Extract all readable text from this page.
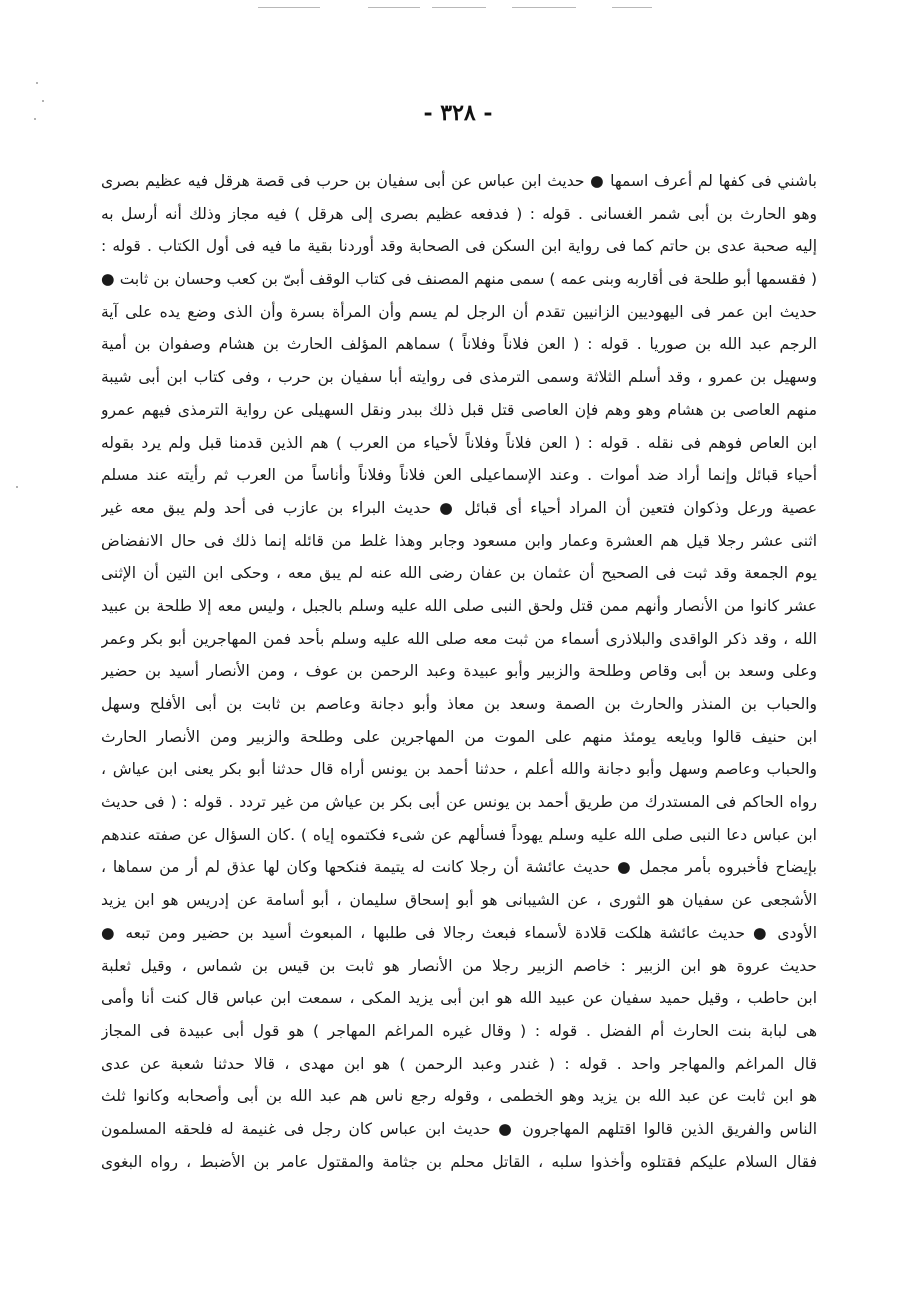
- ٣٢٨ -
باشني فى كفها لم أعرف اسمها ● حديث ابن عباس عن أبى سفيان بن حرب فى قصة هرقل فيه عظيم بصرى
وهو الحارث بن أبى شمر الغسانى . قوله : ( فدفعه عظيم بصرى إلى هرقل ) فيه مجاز وذلك أنه أرسل به
إليه صحبة عدى بن حاتم كما فى رواية ابن السكن فى الصحابة وقد أوردنا بقية ما فيه فى أول الكتاب . قوله :
( فقسمها أبو طلحة فى أقاربه وبنى عمه ) سمى منهم المصنف فى كتاب الوقف أبىّ بن كعب وحسان بن ثابت ●
حديث ابن عمر فى اليهوديين الزانيين تقدم أن الرجل لم يسم وأن المرأة بسرة وأن الذى وضع يده على آية
الرجم عبد الله بن صوريا . قوله : ( العن فلاناً وفلاناً ) سماهم المؤلف الحارث بن هشام وصفوان بن أمية
وسهيل بن عمرو ، وقد أسلم الثلاثة وسمى الترمذى فى روايته أبا سفيان بن حرب ، وفى كتاب ابن أبى شيبة
منهم العاصى بن هشام وهو وهم فإن العاصى قتل قبل ذلك ببدر ونقل السهيلى عن رواية الترمذى فيهم عمرو
ابن العاص فوهم فى نقله . قوله : ( العن فلاناً وفلاناً لأحياء من العرب ) هم الذين قدمنا قبل ولم يرد بقوله
أحياء قبائل وإنما أراد ضد أموات . وعند الإسماعيلى العن فلاناً وفلاناً وأناساً من العرب ثم رأيته عند مسلم
عصية ورعل وذكوان فتعين أن المراد أحياء أى قبائل ● حديث البراء بن عازب فى أحد ولم يبق معه غير
اثنى عشر رجلا قيل هم العشرة وعمار وابن مسعود وجابر وهذا غلط من قائله إنما ذلك فى حال الانفضاض
يوم الجمعة وقد ثبت فى الصحيح أن عثمان بن عفان رضى الله عنه لم يبق معه ، وحكى ابن التين أن الإثنى
عشر كانوا من الأنصار وأنهم ممن قتل ولحق النبى صلى الله عليه وسلم بالجبل ، وليس معه إلا طلحة بن عبيد
الله ، وقد ذكر الواقدى والبلاذرى أسماء من ثبت معه صلى الله عليه وسلم بأحد فمن المهاجرين أبو بكر وعمر
وعلى وسعد بن أبى وقاص وطلحة والزبير وأبو عبيدة وعبد الرحمن بن عوف ، ومن الأنصار أسيد بن حضير
والحباب بن المنذر والحارث بن الصمة وسعد بن معاذ وأبو دجانة وعاصم بن ثابت بن أبى الأفلح وسهل
ابن حنيف قالوا وبايعه يومئذ منهم على الموت من المهاجرين على وطلحة والزبير ومن الأنصار الحارث
والحباب وعاصم وسهل وأبو دجانة والله أعلم ، حدثنا أحمد بن يونس أراه قال حدثنا أبو بكر يعنى ابن عياش ،
رواه الحاكم فى المستدرك من طريق أحمد بن يونس عن أبى بكر بن عياش من غير تردد . قوله : ( فى حديث
ابن عباس دعا النبى صلى الله عليه وسلم يهوداً فسألهم عن شىء فكتموه إياه ) .كان السؤال عن صفته عندهم
بإيضاح فأخبروه بأمر مجمل ● حديث عائشة أن رجلا كانت له يتيمة فنكحها وكان لها عذق لم أر من سماها ،
الأشجعى عن سفيان هو الثورى ، عن الشيبانى هو أبو إسحاق سليمان ، أبو أسامة عن إدريس هو ابن يزيد
الأودى ● حديث عائشة هلكت قلادة لأسماء فبعث رجالا فى طلبها ، المبعوث أسيد بن حضير ومن تبعه ●
حديث عروة هو ابن الزبير : خاصم الزبير رجلا من الأنصار هو ثابت بن قيس بن شماس ، وقيل ثعلبة
ابن حاطب ، وقيل حميد سفيان عن عبيد الله هو ابن أبى يزيد المكى ، سمعت ابن عباس قال كنت أنا وأمى
هى لبابة بنت الحارث أم الفضل . قوله : ( وقال غيره المراغم المهاجر ) هو قول أبى عبيدة فى المجاز
قال المراغم والمهاجر واحد . قوله : ( غندر وعبد الرحمن ) هو ابن مهدى ، قالا حدثنا شعبة عن عدى
هو ابن ثابت عن عبد الله بن يزيد وهو الخطمى ، وقوله رجع ناس هم عبد الله بن أبى وأصحابه وكانوا ثلث
الناس والفريق الذين قالوا اقتلهم المهاجرون ● حديث ابن عباس كان رجل فى غنيمة له فلحقه المسلمون
فقال السلام عليكم فقتلوه وأخذوا سلبه ، القاتل محلم بن جثامة والمقتول عامر بن الأضبط ، رواه البغوى
